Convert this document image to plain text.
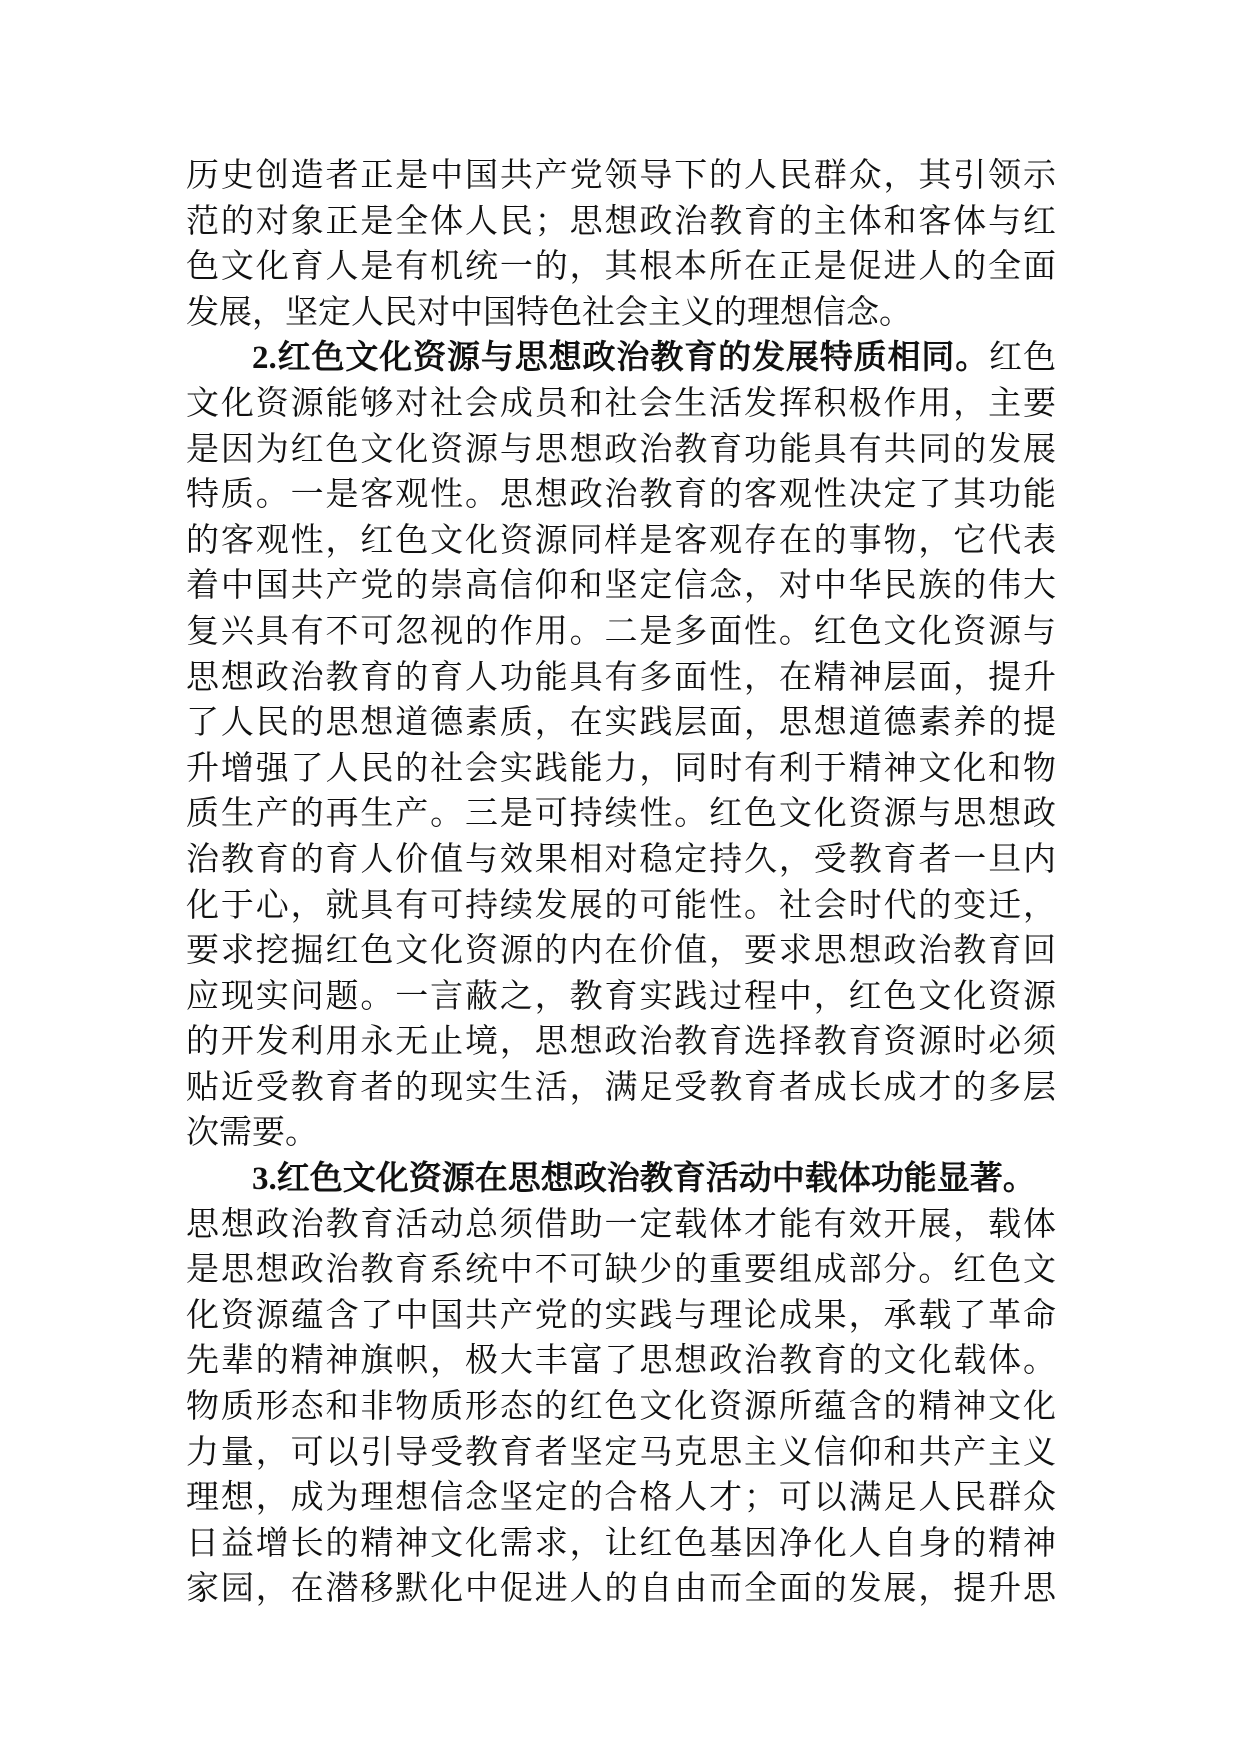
历史创造者正是中国共产党领导下的人民群众，其引领示
范的对象正是全体人民；思想政治教育的主体和客体与红
色文化育人是有机统一的，其根本所在正是促进人的全面
发展，坚定人民对中国特色社会主义的理想信念。
2.红色文化资源与思想政治教育的发展特质相同。红色
文化资源能够对社会成员和社会生活发挥积极作用，主要
是因为红色文化资源与思想政治教育功能具有共同的发展
特质。一是客观性。思想政治教育的客观性决定了其功能
的客观性，红色文化资源同样是客观存在的事物，它代表
着中国共产党的崇高信仰和坚定信念，对中华民族的伟大
复兴具有不可忽视的作用。二是多面性。红色文化资源与
思想政治教育的育人功能具有多面性，在精神层面，提升
了人民的思想道德素质，在实践层面，思想道德素养的提
升增强了人民的社会实践能力，同时有利于精神文化和物
质生产的再生产。三是可持续性。红色文化资源与思想政
治教育的育人价值与效果相对稳定持久，受教育者一旦内
化于心，就具有可持续发展的可能性。社会时代的变迁，
要求挖掘红色文化资源的内在价值，要求思想政治教育回
应现实问题。一言蔽之，教育实践过程中，红色文化资源
的开发利用永无止境，思想政治教育选择教育资源时必须
贴近受教育者的现实生活，满足受教育者成长成才的多层
次需要。
3.红色文化资源在思想政治教育活动中载体功能显著。
思想政治教育活动总须借助一定载体才能有效开展，载体
是思想政治教育系统中不可缺少的重要组成部分。红色文
化资源蕴含了中国共产党的实践与理论成果，承载了革命
先辈的精神旗帜，极大丰富了思想政治教育的文化载体。
物质形态和非物质形态的红色文化资源所蕴含的精神文化
力量，可以引导受教育者坚定马克思主义信仰和共产主义
理想，成为理想信念坚定的合格人才；可以满足人民群众
日益增长的精神文化需求，让红色基因净化人自身的精神
家园，在潜移默化中促进人的自由而全面的发展，提升思
